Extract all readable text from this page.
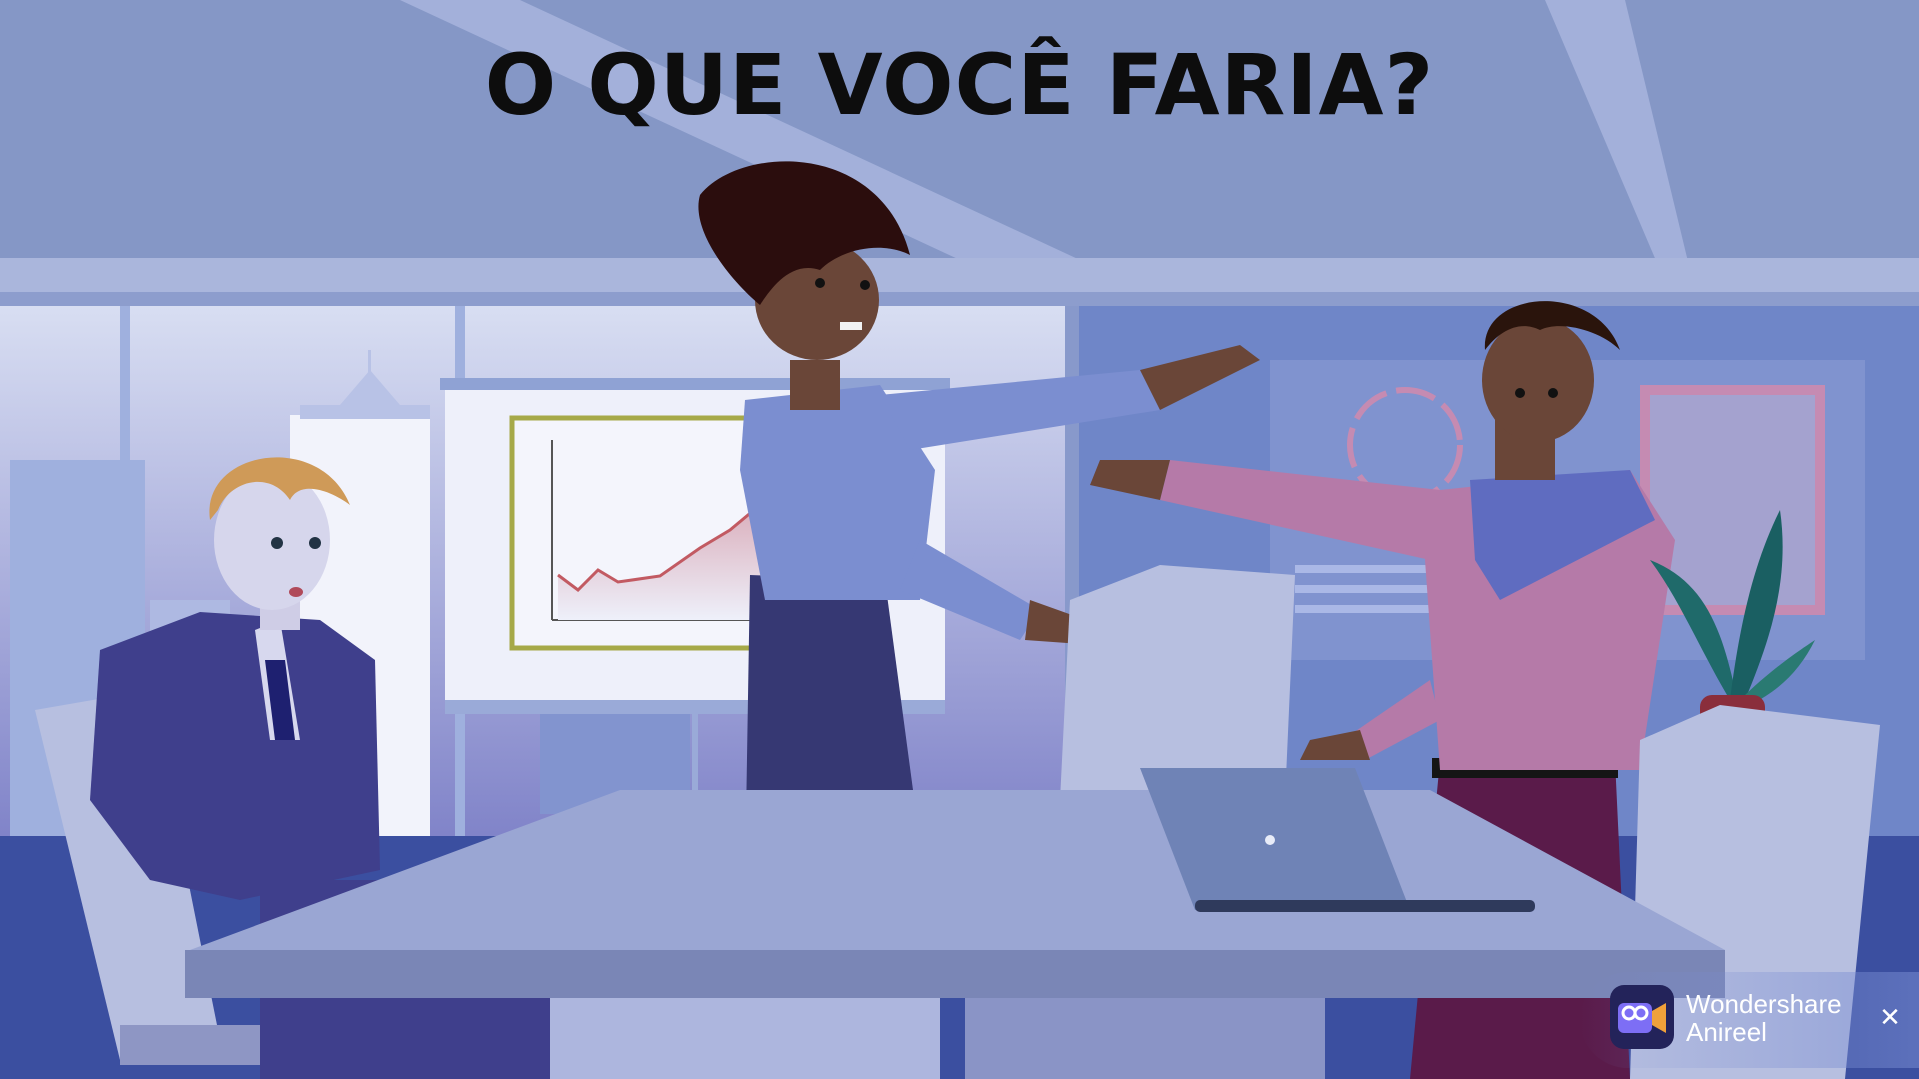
O QUE VOCÊ FARIA?
Wondershare
Anireel	✕
